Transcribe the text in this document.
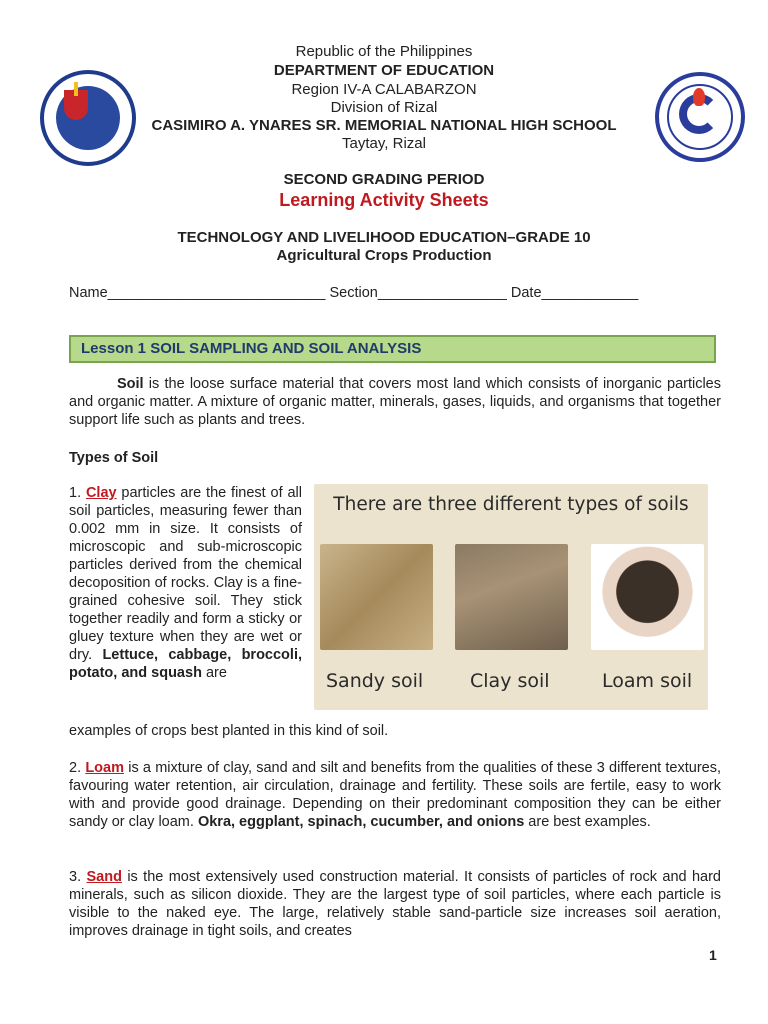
Republic of the Philippines
DEPARTMENT OF EDUCATION
Region IV-A CALABARZON
Division of Rizal
CASIMIRO A. YNARES SR. MEMORIAL NATIONAL HIGH SCHOOL
Taytay, Rizal
SECOND GRADING PERIOD
Learning Activity Sheets
TECHNOLOGY AND LIVELIHOOD EDUCATION–GRADE 10
Agricultural Crops Production
Name___________________________ Section________________ Date____________
Lesson 1 SOIL SAMPLING AND SOIL ANALYSIS
Soil is the loose surface material that covers most land which consists of inorganic particles and organic matter. A mixture of organic matter, minerals, gases, liquids, and organisms that together support life such as plants and trees.
Types of Soil
1. Clay particles are the finest of all soil particles, measuring fewer than 0.002 mm in size. It consists of microscopic and sub-microscopic particles derived from the chemical decoposition of rocks. Clay is a fine-grained cohesive soil. They stick together readily and form a sticky or gluey texture when they are wet or dry. Lettuce, cabbage, broccoli, potato, and squash are
examples of crops best planted in this kind of soil.
There are three different types of soils
Sandy soil Clay soil	Loam soil
2. Loam is a mixture of clay, sand and silt and benefits from the qualities of these 3 different textures, favouring water retention, air circulation, drainage and fertility. These soils are fertile, easy to work with and provide good drainage. Depending on their predominant composition they can be either sandy or clay loam. Okra, eggplant, spinach, cucumber, and onions are best examples.
3. Sand is the most extensively used construction material. It consists of particles of rock and hard minerals, such as silicon dioxide. They are the largest type of soil particles, where each particle is visible to the naked eye. The large, relatively stable sand-particle size increases soil aeration, improves drainage in tight soils, and creates
1
